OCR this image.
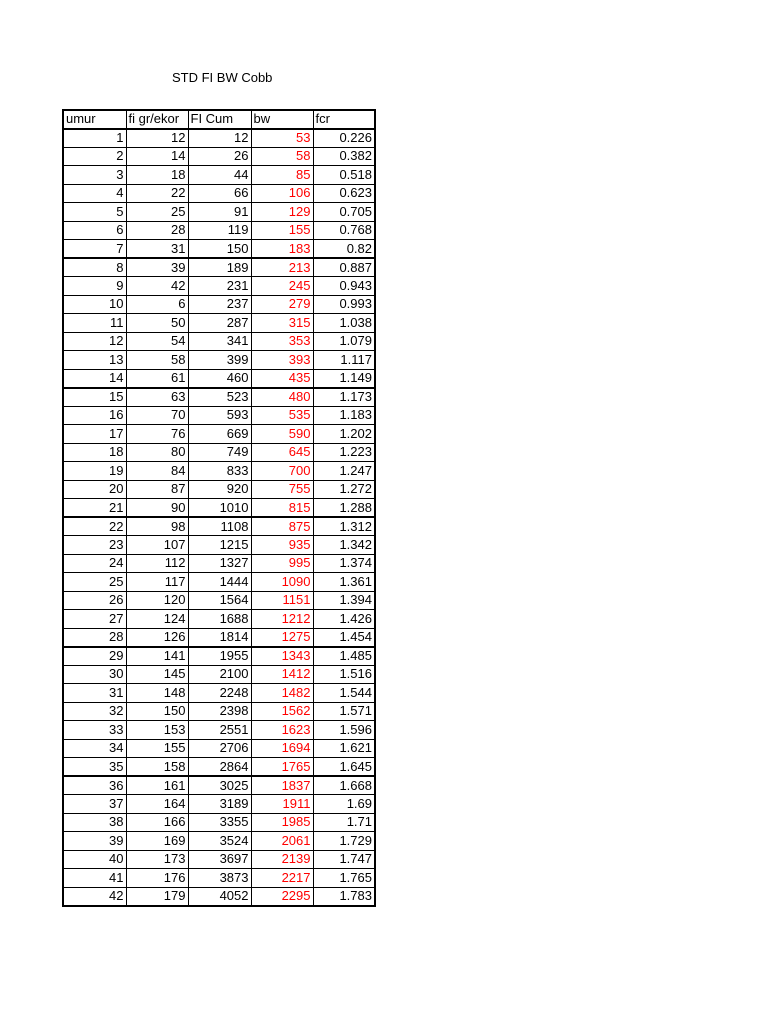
STD FI BW Cobb
umur	fi gr/ekor	FI Cum	bw	fcr
1	12	12	53	0.226
2	14	26	58	0.382
3	18	44	85	0.518
4	22	66	106	0.623
5	25	91	129	0.705
6	28	119	155	0.768
7	31	150	183	0.82
8	39	189	213	0.887
9	42	231	245	0.943
10	6	237	279	0.993
11	50	287	315	1.038
12	54	341	353	1.079
13	58	399	393	1.117
14	61	460	435	1.149
15	63	523	480	1.173
16	70	593	535	1.183
17	76	669	590	1.202
18	80	749	645	1.223
19	84	833	700	1.247
20	87	920	755	1.272
21	90	1010	815	1.288
22	98	1108	875	1.312
23	107	1215	935	1.342
24	112	1327	995	1.374
25	117	1444	1090	1.361
26	120	1564	1151	1.394
27	124	1688	1212	1.426
28	126	1814	1275	1.454
29	141	1955	1343	1.485
30	145	2100	1412	1.516
31	148	2248	1482	1.544
32	150	2398	1562	1.571
33	153	2551	1623	1.596
34	155	2706	1694	1.621
35	158	2864	1765	1.645
36	161	3025	1837	1.668
37	164	3189	1911	1.69
38	166	3355	1985	1.71
39	169	3524	2061	1.729
40	173	3697	2139	1.747
41	176	3873	2217	1.765
42	179	4052	2295	1.783
